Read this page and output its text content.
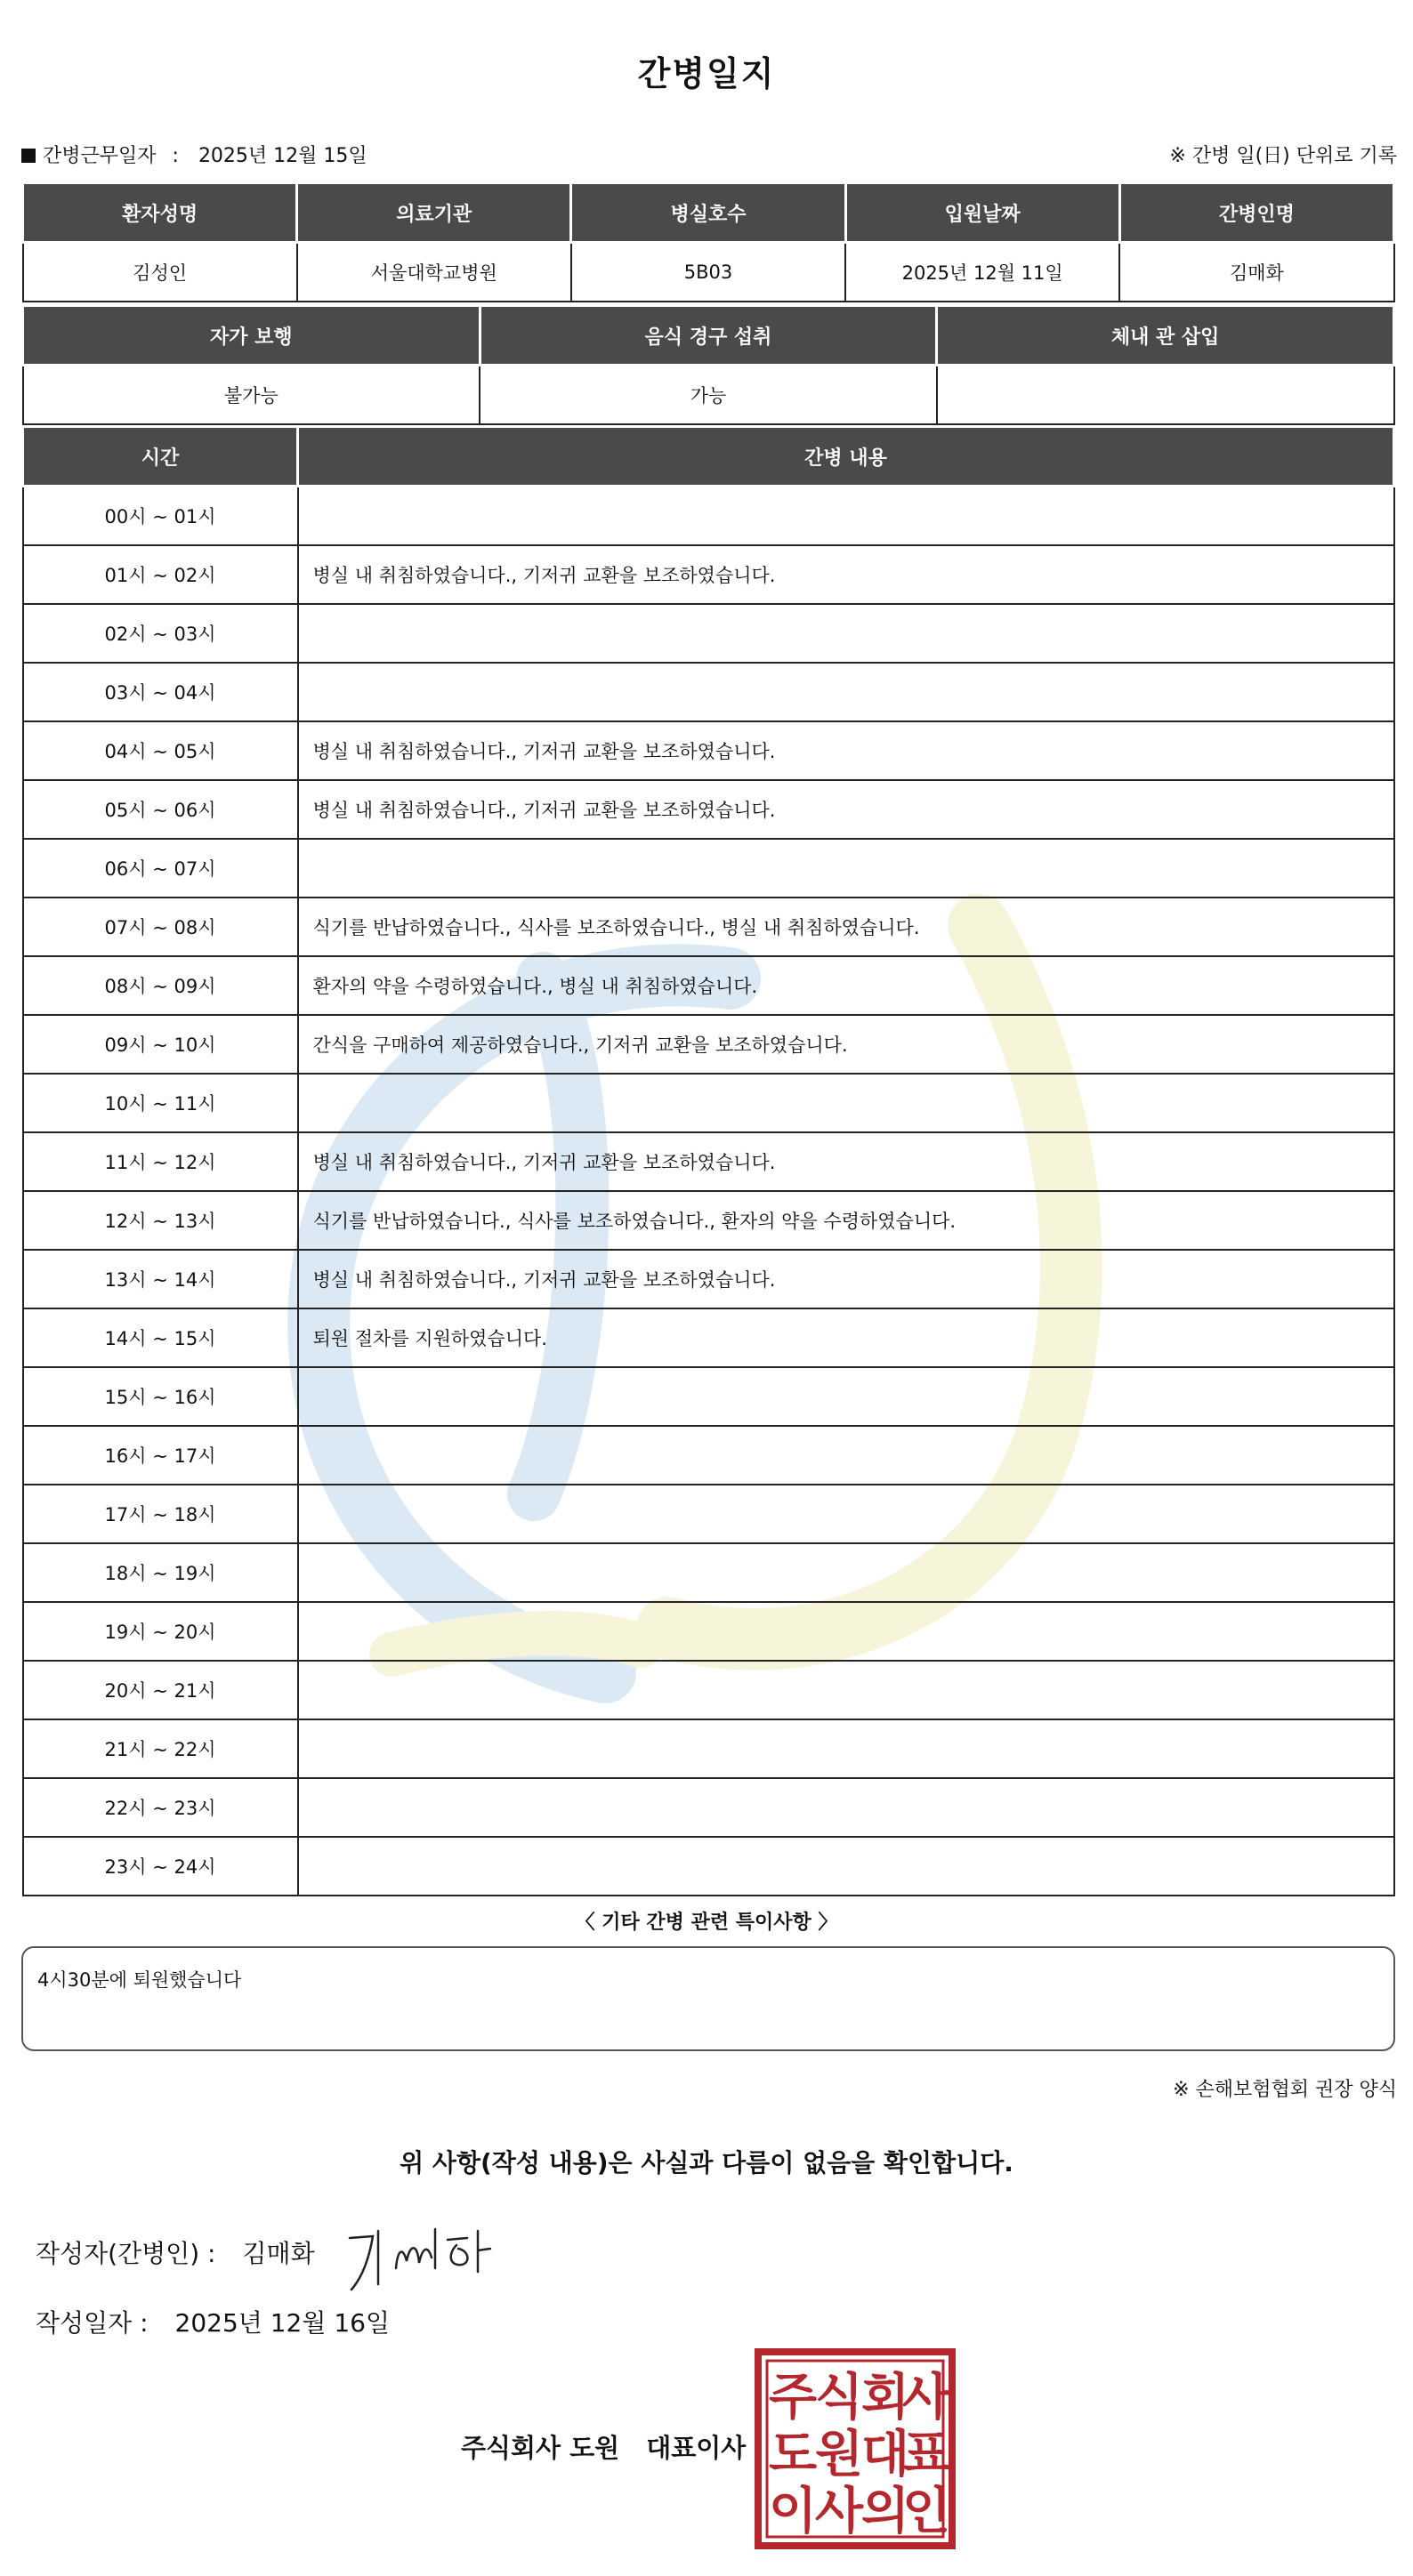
간병일지
간병근무일자 : 2025년 12월 15일	※ 간병 일(日) 단위로 기록
환자성명	의료기관	병실호수	입원날짜	간병인명
김성인	서울대학교병원	5B03	2025년 12월 11일	김매화
자가 보행	음식 경구 섭취	체내 관 삽입
불가능	가능	
시간	간병 내용
00시 ~ 01시	
01시 ~ 02시	병실 내 취침하였습니다., 기저귀 교환을 보조하였습니다.
02시 ~ 03시	
03시 ~ 04시	
04시 ~ 05시	병실 내 취침하였습니다., 기저귀 교환을 보조하였습니다.
05시 ~ 06시	병실 내 취침하였습니다., 기저귀 교환을 보조하였습니다.
06시 ~ 07시	
07시 ~ 08시	식기를 반납하였습니다., 식사를 보조하였습니다., 병실 내 취침하였습니다.
08시 ~ 09시	환자의 약을 수령하였습니다., 병실 내 취침하였습니다.
09시 ~ 10시	간식을 구매하여 제공하였습니다., 기저귀 교환을 보조하였습니다.
10시 ~ 11시	
11시 ~ 12시	병실 내 취침하였습니다., 기저귀 교환을 보조하였습니다.
12시 ~ 13시	식기를 반납하였습니다., 식사를 보조하였습니다., 환자의 약을 수령하였습니다.
13시 ~ 14시	병실 내 취침하였습니다., 기저귀 교환을 보조하였습니다.
14시 ~ 15시	퇴원 절차를 지원하였습니다.
15시 ~ 16시	
16시 ~ 17시	
17시 ~ 18시	
18시 ~ 19시	
19시 ~ 20시	
20시 ~ 21시	
21시 ~ 22시	
22시 ~ 23시	
23시 ~ 24시	
〈 기타 간병 관련 특이사항 〉
4시30분에 퇴원했습니다
※ 손해보험협회 권장 양식
위 사항(작성 내용)은 사실과 다름이 없음을 확인합니다.
작성자(간병인) : 김매화
작성일자 : 2025년 12월 16일
주식회사 도원 대표이사
주
식
회
사
도
원
대
표
이
사
의
인
